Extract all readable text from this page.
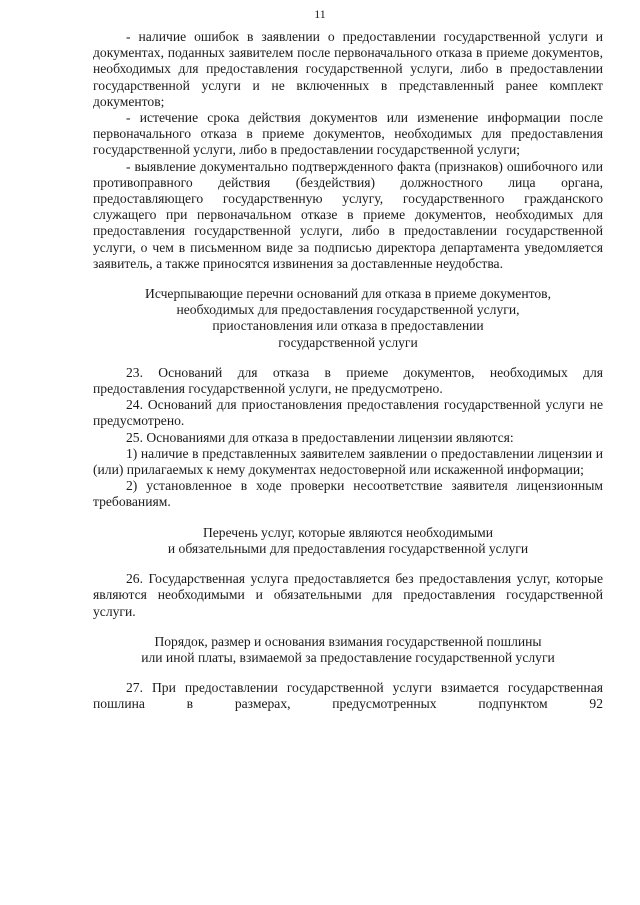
11

- наличие ошибок в заявлении о предоставлении государственной услуги и документах, поданных заявителем после первоначального отказа в приеме документов, необходимых для предоставления государственной услуги, либо в предоставлении государственной услуги и не включенных в представленный ранее комплект документов;

- истечение срока действия документов или изменение информации после первоначального отказа в приеме документов, необходимых для предоставления государственной услуги, либо в предоставлении государственной услуги;

- выявление документально подтвержденного факта (признаков) ошибочного или противоправного действия (бездействия) должностного лица органа, предоставляющего государственную услугу, государственного гражданского служащего при первоначальном отказе в приеме документов, необходимых для предоставления государственной услуги, либо в предоставлении государственной услуги, о чем в письменном виде за подписью директора департамента уведомляется заявитель, а также приносятся извинения за доставленные неудобства.

Исчерпывающие перечни оснований для отказа в приеме документов,
необходимых для предоставления государственной услуги,
приостановления или отказа в предоставлении
государственной услуги

23. Оснований для отказа в приеме документов, необходимых для предоставления государственной услуги, не предусмотрено.

24. Оснований для приостановления предоставления государственной услуги не предусмотрено.

25. Основаниями для отказа в предоставлении лицензии являются:

1) наличие в представленных заявителем заявлении о предоставлении лицензии и (или) прилагаемых к нему документах недостоверной или искаженной информации;

2) установленное в ходе проверки несоответствие заявителя лицензионным требованиям.

Перечень услуг, которые являются необходимыми
и обязательными для предоставления государственной услуги

26. Государственная услуга предоставляется без предоставления услуг, которые являются необходимыми и обязательными для предоставления государственной услуги.

Порядок, размер и основания взимания государственной пошлины
или иной платы, взимаемой за предоставление государственной услуги

27. При предоставлении государственной услуги взимается государственная пошлина в размерах, предусмотренных подпунктом 92
